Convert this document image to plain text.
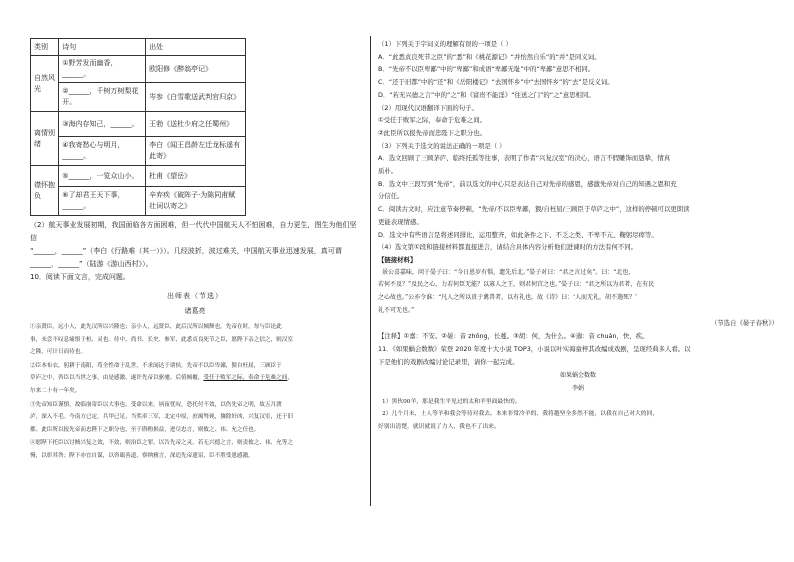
类别	诗句	出处
自然风光	①野芳发而幽香，______。	欧阳修《醉翁亭记》
	②______，千树万树梨花开。	岑参《白雪歌送武判官归京》
离情别绪	③海内存知己，______。	王勃《送杜少府之任蜀州》
	④我寄愁心与明月，______。	李白《闻王昌龄左迁龙标遥有此寄》
襟怀抱负	⑤______，一览众山小。	杜甫《望岳》
	⑥了却君王天下事，______。	辛弃疾《破阵子·为陈同甫赋壮词以寄之》

（2）航天事业发展初期，我国面临各方面困难，但一代代中国航天人不怕困难，自力更生，图生为他们坚信

“______，______”（李白《行路难（其一）》）。几经波折，波过难关，中国航天事业迅速发展，真可谓

______，______”（陆游《游山西村》）。

10．阅读下面文言，完成问题。

出师表（节选）

诸葛亮

①亲贤臣，远小人，此先汉所以兴隆也；亲小人，远贤臣，此后汉所以倾颓也。先帝在时，每与臣论此

事，未尝不叹息痛恨于桓、灵也。侍中、尚书、长史、参军，此悉贞良死节之臣，愿陛下亲之信之，则汉室

之隆，可计日而待也。

②臣本布衣，躬耕于南阳，苟全性命于乱世，不求闻达于诸侯。先帝不以臣卑鄙，猥自枉屈，三顾臣于

草庐之中，咨臣以当世之事，由是感激，遂许先帝以驱驰。后值倾覆，受任于败军之际，奉命于危难之间，

尔来二十有一年矣。

③先帝知臣谨慎，故临崩寄臣以大事也。受命以来，夙夜忧叹，恐托付不效，以伤先帝之明，故五月渡

泸，深入不毛。今南方已定，兵甲已足，当奖率三军，北定中原，庶竭驽钝，攘除奸凶，兴复汉室，还于旧

都。此臣所以报先帝而忠陛下之职分也。至于斟酌损益，进尽忠言，则攸之、祎、允之任也。

④愿陛下托臣以讨贼兴复之效，不效，则治臣之罪，以告先帝之灵。若无兴德之言，则责攸之、祎、允等之

慢，以彰其咎；陛下亦宜自谋，以咨诹善道，察纳雅言，深追先帝遗诏，臣不胜受恩感激。

（1）下列关于字词义的理解有误的一项是（ ）

A．“此悉贞良死节之臣”的“悉”和《桃花源记》“并怡然自乐”的“并”是同义词。

B．“先帝不以臣卑鄙”中的“卑鄙”和成语“卑鄙无耻”中的“卑鄙”意思不相同。

C．“还于旧都”中的“还”和《岳阳楼记》“去国怀乡”中“去国怀乡”的“去”是反义词。

D．“若无兴德之言”中的“之”和《富贵不能淫》“往送之门”的“之”意思相同。

（2）用现代汉语翻译下面的句子。

①受任于败军之际，奉命于危难之间。

②此臣所以报先帝而忠陛下之职分也。

（3）下列关于选文的说法正确的一项是（ ）

A．选文回顾了三顾茅庐、临终托孤等往事，表明了作者“兴复汉室”的决心，语言不假雕饰而恳挚，情真

质朴。

B．选文中三段写到“先帝”，前以选文的中心只是表达自己对先帝的感恩，感激先帝对自己的知遇之恩和充

分信任。

C．阅读古文时，应注意节奏停顿，“先帝/不以臣卑鄙，猥/自枉屈/三顾臣于草庐之中”，这样的停顿可以更朗读

更能表现情感。

D．选文中有些语言是将述同排比，运用整齐，如此条件之下、不乏之类、不卑不亢、鞠躬尽瘁等。

（4）选文第①段和链接材料都直接进言，请结合具体内容分析他们进谏时的方法有何不同。

【链接材料】

景公喜嘉味，问于晏子曰：“今日恩岁有惧，遗先后北。”晏子对曰：“君之言过矣”。曰：“北也，

若何不及？”及民之心，力若何臣无能？以寡人之王，则君何宫之也。”晏子曰：“君之所以为君者，在有民

之心故也。”公亦令谁：“凡人之所以贵于禽兽者，以有礼也。故《诗》曰：‘人而无礼，胡不遄死？’

礼不可无也。”

（节选自《晏子春秋》）

【注释】①嘉：不安。②晏：音 zhōng，长蔓。③胡：何，为什么。④遄：音 chuán，快，疾。

11．《如果蜗会数数》荣登 2020 年度十大小说 TOP3，小说以叶实海童梓其改编成戏剧，呈现经典多人看。以

下是他们的戏剧改编讨论记录里，请你一起完成。

如果蜗会数数

李娟

1）黑伙00羊，那是我生平见过的太和羊里面最快的。

2）几个月末，士人等羊和我会等待对我去。本来非常冷羊的，我将越坚全多然不能，以我在自己对大的回，

好别出清楚，就识就说了力人，我也不了出来。
